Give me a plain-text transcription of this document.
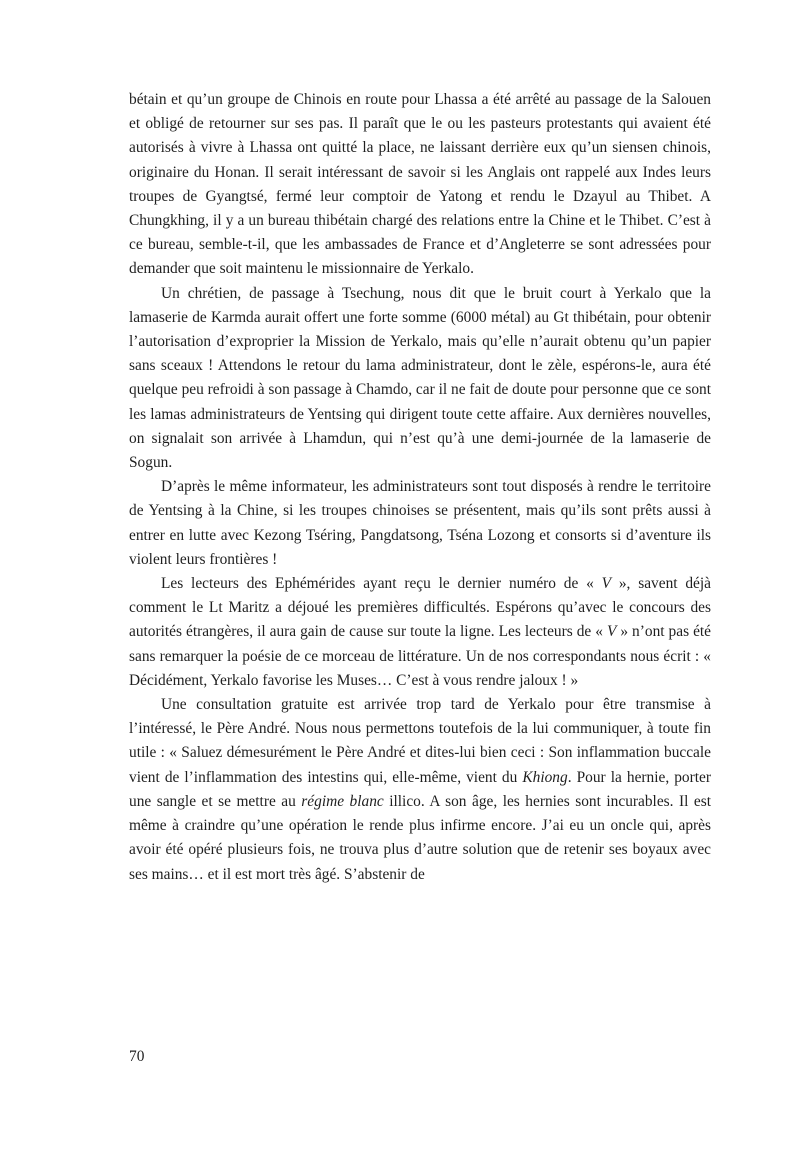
bétain et qu’un groupe de Chinois en route pour Lhassa a été arrêté au passage de la Salouen et obligé de retourner sur ses pas. Il paraît que le ou les pasteurs protestants qui avaient été autorisés à vivre à Lhassa ont quitté la place, ne laissant derrière eux qu’un siensen chinois, originaire du Honan. Il serait intéressant de savoir si les Anglais ont rappelé aux Indes leurs troupes de Gyangtsé, fermé leur comptoir de Yatong et rendu le Dzayul au Thibet. A Chungkhing, il y a un bureau thibétain chargé des relations entre la Chine et le Thibet. C’est à ce bureau, semble-t-il, que les ambassades de France et d’Angleterre se sont adressées pour demander que soit maintenu le missionnaire de Yerkalo.

Un chrétien, de passage à Tsechung, nous dit que le bruit court à Yerkalo que la lamaserie de Karmda aurait offert une forte somme (6000 métal) au Gt thibétain, pour obtenir l’autorisation d’exproprier la Mission de Yerkalo, mais qu’elle n’aurait obtenu qu’un papier sans sceaux ! Attendons le retour du lama administrateur, dont le zèle, espérons-le, aura été quelque peu refroidi à son passage à Chamdo, car il ne fait de doute pour personne que ce sont les lamas administrateurs de Yentsing qui dirigent toute cette affaire. Aux dernières nouvelles, on signalait son arrivée à Lhamdun, qui n’est qu’à une demi-journée de la lamaserie de Sogun.

D’après le même informateur, les administrateurs sont tout disposés à rendre le territoire de Yentsing à la Chine, si les troupes chinoises se présentent, mais qu’ils sont prêts aussi à entrer en lutte avec Kezong Tséring, Pangdatsong, Tséna Lozong et consorts si d’aventure ils violent leurs frontières !

Les lecteurs des Ephémérides ayant reçu le dernier numéro de « V », savent déjà comment le Lt Maritz a déjoué les premières difficultés. Espérons qu’avec le concours des autorités étrangères, il aura gain de cause sur toute la ligne. Les lecteurs de « V » n’ont pas été sans remarquer la poésie de ce morceau de littérature. Un de nos correspondants nous écrit : « Décidément, Yerkalo favorise les Muses… C’est à vous rendre jaloux ! »

Une consultation gratuite est arrivée trop tard de Yerkalo pour être transmise à l’intéressé, le Père André. Nous nous permettons toutefois de la lui communiquer, à toute fin utile : « Saluez démesurément le Père André et dites-lui bien ceci : Son inflammation buccale vient de l’inflammation des intestins qui, elle-même, vient du Khiong. Pour la hernie, porter une sangle et se mettre au régime blanc illico. A son âge, les hernies sont incurables. Il est même à craindre qu’une opération le rende plus infirme encore. J’ai eu un oncle qui, après avoir été opéré plusieurs fois, ne trouva plus d’autre solution que de retenir ses boyaux avec ses mains… et il est mort très âgé. S’abstenir de

70
